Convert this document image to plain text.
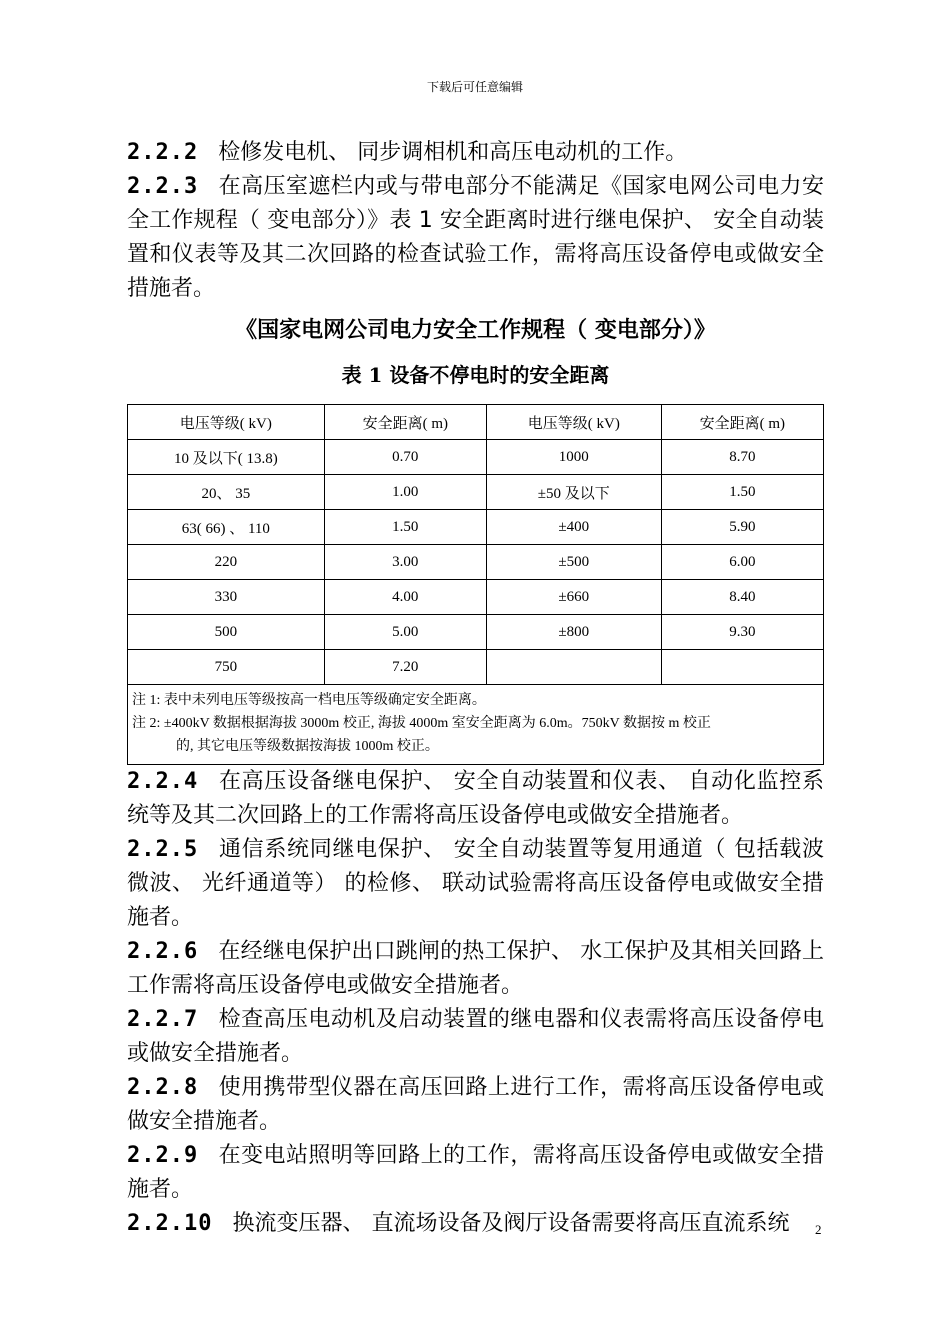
下载后可任意编辑

2.2.2 检修发电机、 同步调相机和高压电动机的工作。

2.2.3 在高压室遮栏内或与带电部分不能满足《国家电网公司电力安全工作规程（ 变电部分）》表 1 安全距离时进行继电保护、 安全自动装置和仪表等及其二次回路的检查试验工作，需将高压设备停电或做安全措施者。

《国家电网公司电力安全工作规程（ 变电部分）》
表 1 设备不停电时的安全距离
电压等级( kV)	安全距离( m)	电压等级( kV)	安全距离( m)
10 及以下( 13.8)	0.70	1000	8.70
20、 35	1.00	±50 及以下	1.50
63( 66) 、 110	1.50	±400	5.90
220	3.00	±500	6.00
330	4.00	±660	8.40
500	5.00	±800	9.30
750	7.20		

注 1: 表中未列电压等级按高一档电压等级确定安全距离。
注 2: ±400kV 数据根据海拔 3000m 校正, 海拔 4000m 室安全距离为 6.0m。750kV 数据按 m 校正
的, 其它电压等级数据按海拔 1000m 校正。			

2.2.4 在高压设备继电保护、 安全自动装置和仪表、 自动化监控系统等及其二次回路上的工作需将高压设备停电或做安全措施者。

2.2.5 通信系统同继电保护、 安全自动装置等复用通道（ 包括载波 微波、 光纤通道等） 的检修、 联动试验需将高压设备停电或做安全措施者。

2.2.6 在经继电保护出口跳闸的热工保护、 水工保护及其相关回路上工作需将高压设备停电或做安全措施者。

2.2.7 检查高压电动机及启动装置的继电器和仪表需将高压设备停电或做安全措施者。

2.2.8 使用携带型仪器在高压回路上进行工作，需将高压设备停电或做安全措施者。

2.2.9 在变电站照明等回路上的工作，需将高压设备停电或做安全措施者。

2.2.10 换流变压器、 直流场设备及阀厅设备需要将高压直流系统	2
